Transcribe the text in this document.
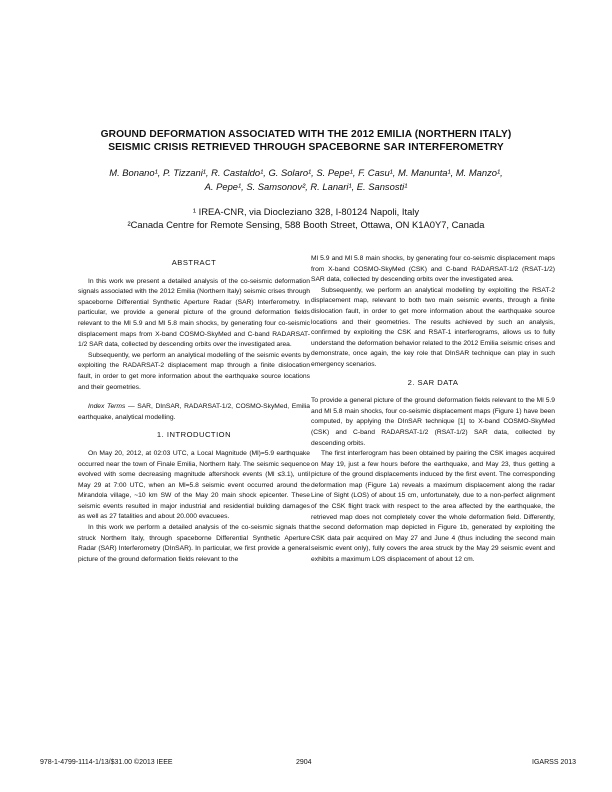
GROUND DEFORMATION ASSOCIATED WITH THE 2012 EMILIA (NORTHERN ITALY)
SEISMIC CRISIS RETRIEVED THROUGH SPACEBORNE SAR INTERFEROMETRY
M. Bonano¹, P. Tizzani¹, R. Castaldo¹, G. Solaro¹, S. Pepe¹, F. Casu¹, M. Manunta¹, M. Manzo¹,
A. Pepe¹, S. Samsonov², R. Lanari¹, E. Sansosti¹
¹ IREA-CNR, via Diocleziano 328, I-80124 Napoli, Italy
²Canada Centre for Remote Sensing, 588 Booth Street, Ottawa, ON K1A0Y7, Canada
ABSTRACT

In this work we present a detailed analysis of the co-seismic deformation signals associated with the 2012 Emilia (Northern Italy) seismic crises through spaceborne Differential Synthetic Aperture Radar (SAR) Interferometry. In particular, we provide a general picture of the ground deformation fields relevant to the Ml 5.9 and Ml 5.8 main shocks, by generating four co-seismic displacement maps from X-band COSMO-SkyMed and C-band RADARSAT-1/2 SAR data, collected by descending orbits over the investigated area.

Subsequently, we perform an analytical modelling of the seismic events by exploiting the RADARSAT-2 displacement map through a finite dislocation fault, in order to get more information about the earthquake source locations and their geometries.

Index Terms — SAR, DInSAR, RADARSAT-1/2, COSMO-SkyMed, Emilia earthquake, analytical modelling.

1. INTRODUCTION

On May 20, 2012, at 02:03 UTC, a Local Magnitude (Ml)=5.9 earthquake occurred near the town of Finale Emilia, Northern Italy. The seismic sequence evolved with some decreasing magnitude aftershock events (Ml ≤3.1), until May 29 at 7:00 UTC, when an Ml=5.8 seismic event occurred around the Mirandola village, ~10 km SW of the May 20 main shock epicenter. These seismic events resulted in major industrial and residential building damages as well as 27 fatalities and about 20.000 evacuees.

In this work we perform a detailed analysis of the co-seismic signals that struck Northern Italy, through spaceborne Differential Synthetic Aperture Radar (SAR) Interferometry (DInSAR). In particular, we first provide a general picture of the ground deformation fields relevant to the

Ml 5.9 and Ml 5.8 main shocks, by generating four co-seismic displacement maps from X-band COSMO-SkyMed (CSK) and C-band RADARSAT-1/2 (RSAT-1/2) SAR data, collected by descending orbits over the investigated area.

Subsequently, we perform an analytical modelling by exploiting the RSAT-2 displacement map, relevant to both two main seismic events, through a finite dislocation fault, in order to get more information about the earthquake source locations and their geometries. The results achieved by such an analysis, confirmed by exploiting the CSK and RSAT-1 interferograms, allows us to fully understand the deformation behavior related to the 2012 Emilia seismic crises and demonstrate, once again, the key role that DInSAR technique can play in such emergency scenarios.

2. SAR DATA

To provide a general picture of the ground deformation fields relevant to the Ml 5.9 and Ml 5.8 main shocks, four co-seismic displacement maps (Figure 1) have been computed, by applying the DInSAR technique [1] to X-band COSMO-SkyMed (CSK) and C-band RADARSAT-1/2 (RSAT-1/2) SAR data, collected by descending orbits.

The first interferogram has been obtained by pairing the CSK images acquired on May 19, just a few hours before the earthquake, and May 23, thus getting a picture of the ground displacements induced by the first event. The corresponding deformation map (Figure 1a) reveals a maximum displacement along the radar Line of Sight (LOS) of about 15 cm, unfortunately, due to a non-perfect alignment of the CSK flight track with respect to the area affected by the earthquake, the retrieved map does not completely cover the whole deformation field. Differently, the second deformation map depicted in Figure 1b, generated by exploiting the CSK data pair acquired on May 27 and June 4 (thus including the second main seismic event only), fully covers the area struck by the May 29 seismic event and exhibits a maximum LOS displacement of about 12 cm.

978-1-4799-1114-1/13/$31.00 ©2013 IEEE	2904	IGARSS 2013
